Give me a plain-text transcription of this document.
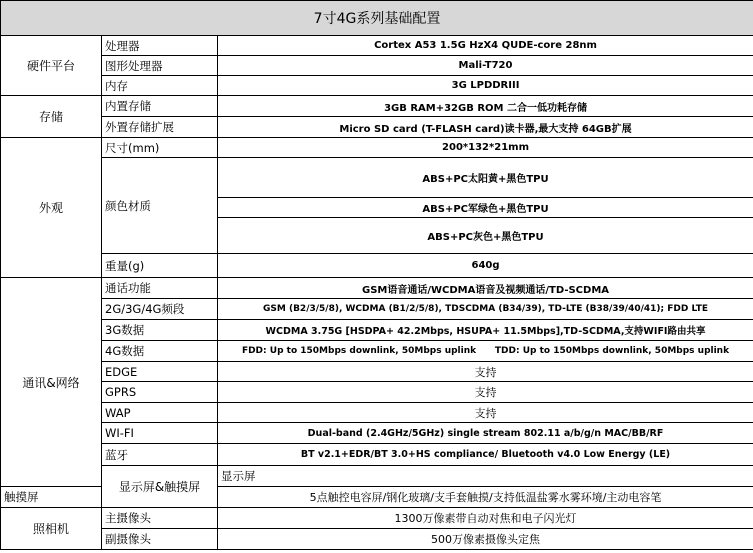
7寸4G系列基础配置			
硬件平台	处理器	Cortex A53 1.5G HzX4 QUDE-core 28nm	
	图形处理器	Mali-T720	
	内存	3G LPDDRIII	
存储	内置存储	3GB RAM+32GB ROM 二合一低功耗存储	
	外置存储扩展	Micro SD card (T-FLASH card)读卡器,最大支持 64GB扩展	
外观	尺寸(mm)	200*132*21mm	
	颜色材质	ABS+PC太阳黄+黑色TPU	
		ABS+PC军绿色+黑色TPU	
		ABS+PC灰色+黑色TPU	
	重量(g)	640g	
通讯&网络	通话功能	GSM语音通话/WCDMA语音及视频通话/TD-SCDMA	
	2G/3G/4G频段	GSM (B2/3/5/8), WCDMA (B1/2/5/8), TDSCDMA (B34/39), TD-LTE (B38/39/40/41); FDD LTE	
	3G数据	WCDMA 3.75G [HSDPA+ 42.2Mbps, HSUPA+ 11.5Mbps],TD-SCDMA,支持WIFI路由共享	
	4G数据	FDD: Up to 150Mbps downlink, 50Mbps uplink      TDD: Up to 150Mbps downlink, 50Mbps uplink	
	EDGE	支持	
	GPRS	支持	
	WAP	支持	
	WI-FI	Dual-band (2.4GHz/5GHz) single stream 802.11 a/b/g/n MAC/BB/RF	
	蓝牙	BT v2.1+EDR/BT 3.0+HS compliance/ Bluetooth v4.0 Low Energy (LE)	
	显示屏&触摸屏	显示屏	
触摸屏		5点触控电容屏/钢化玻璃/支手套触摸/支持低温盐雾水雾环境/主动电容笔	
照相机	主摄像头	1300万像素带自动对焦和电子闪光灯	
	副摄像头	500万像素摄像头定焦	
